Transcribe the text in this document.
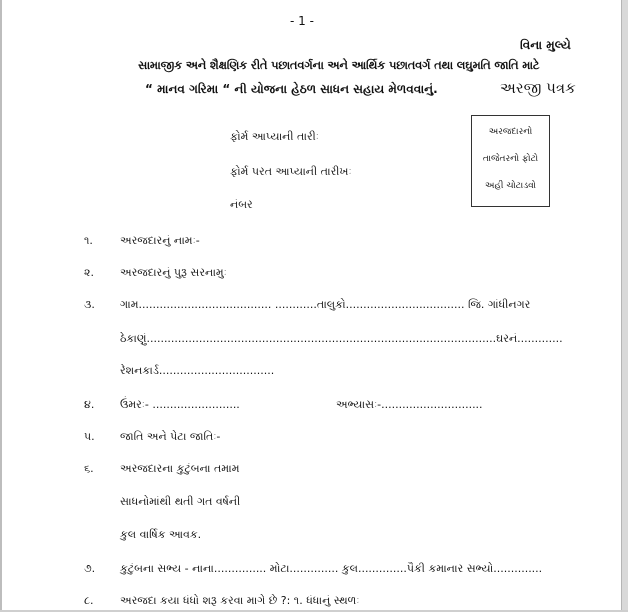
- 1 -
વિના મુલ્યે
સામાજીક અને શૈક્ષણિક રીતે પછાતવર્ગના અને આર્થિક પછાતવર્ગ તથા લઘુમતિ જાતિ માટે
“ માનવ ગરિમા “ ની યોજના હેઠળ સાધન સહાય મેળવવાનું.	અરજી પત્રક
ફોર્મ આપ્યાની તારીઃ
ફોર્મ પરત આપ્યાની તારીખઃ
નંબર
અરજદારનો
તાજેતરનો ફોટો
અહી ચોટાડવો
૧. અરજદારનું નામઃ-
૨. અરજદારનું પુરૂ સરનામુઃ
૩. ગામ...................................... ............તાલુકો.................................. જિ. ગાંધીનગર
ઠેકાણું....................................................................................................ઘરનં.............
રેશનકાર્ડ.................................
૪. ઉંમરઃ- .........................	અભ્યાસઃ-.............................
પ. જાતિ અને પેટા જાતિઃ-
૬. અરજદારના કુટુંબના તમામ
સાધનોમાંથી થતી ગત વર્ષની
કુલ વાર્ષિક આવક.
૭. કુટુંબના સભ્ય - નાના............... મોટા.............. કુલ..............પૈકી કમાનાર સભ્યો..............
૮. અરજદા કયા ધંધો શરૂ કરવા માગે છે ?: ૧. ધંધાનું સ્થળઃ
